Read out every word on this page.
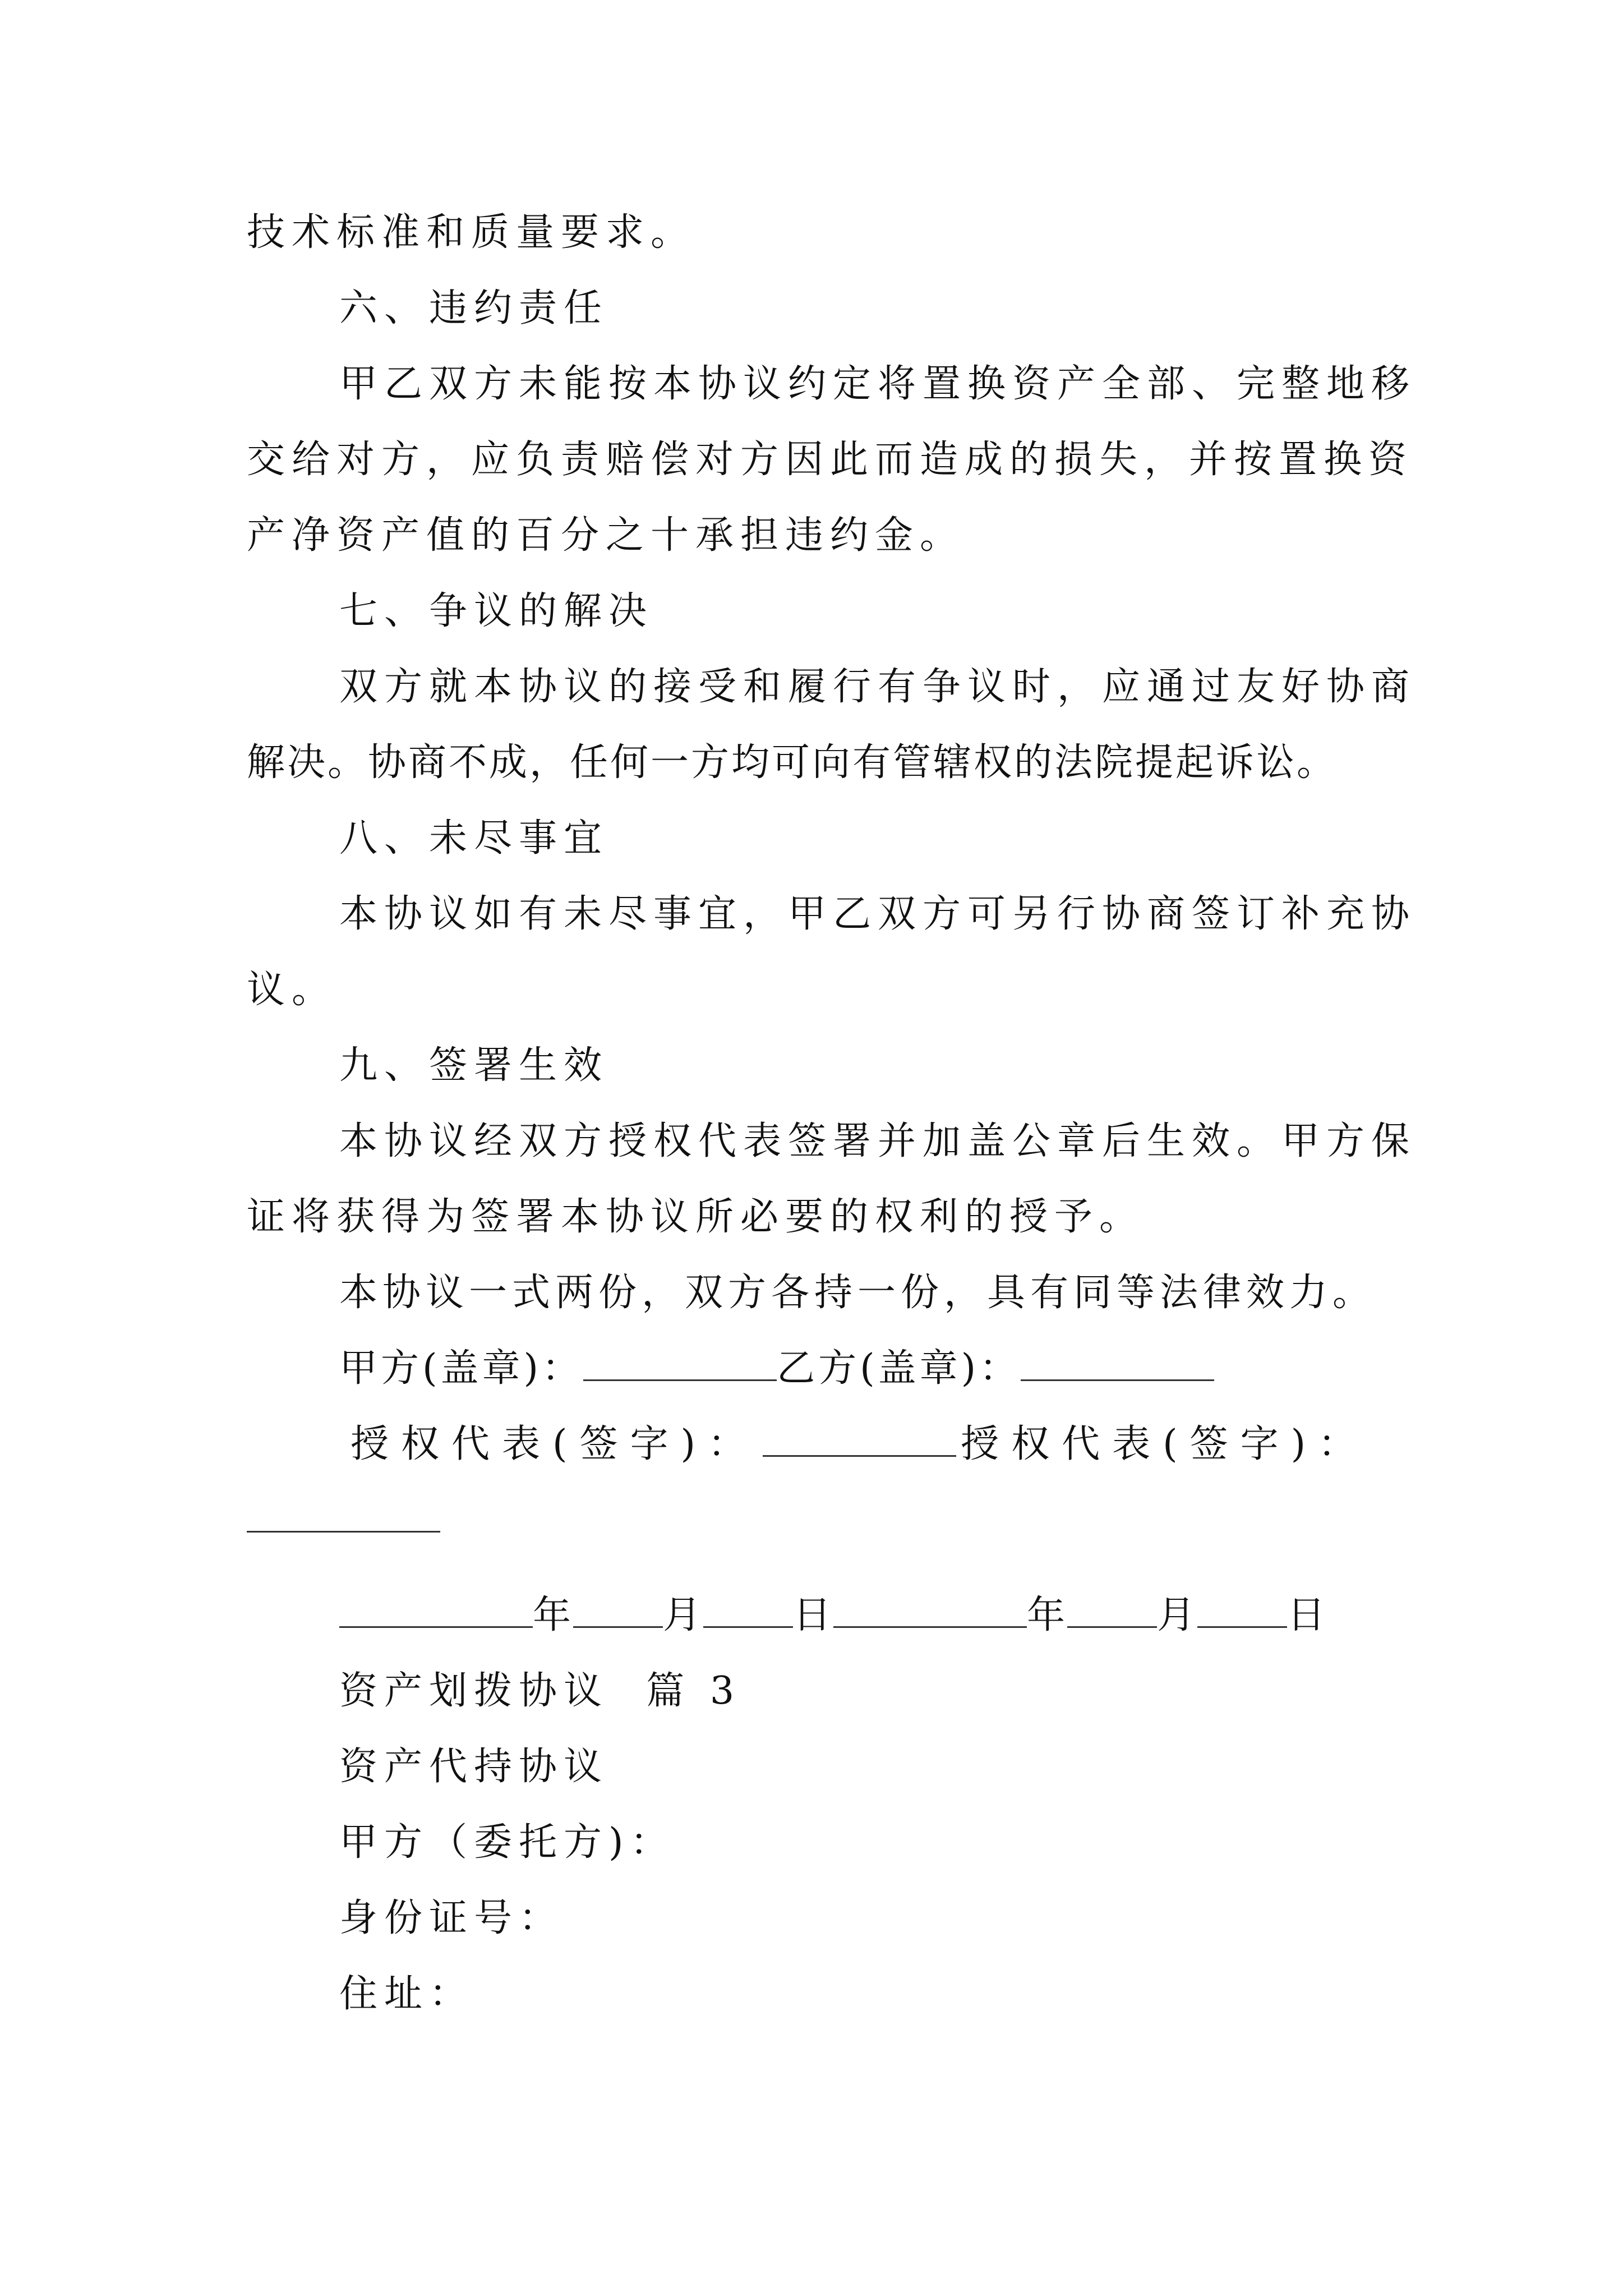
技术标准和质量要求。
六、违约责任
甲乙双方未能按本协议约定将置换资产全部、完整地移
交给对方，应负责赔偿对方因此而造成的损失，并按置换资
产净资产值的百分之十承担违约金。
七、争议的解决
双方就本协议的接受和履行有争议时，应通过友好协商
解决。协商不成，任何一方均可向有管辖权的法院提起诉讼。
八、未尽事宜
本协议如有未尽事宜，甲乙双方可另行协商签订补充协
议。
九、签署生效
本协议经双方授权代表签署并加盖公章后生效。甲方保
证将获得为签署本协议所必要的权利的授予。
本协议一式两份，双方各持一份，具有同等法律效力。
甲方(盖章)：	乙方(盖章)：
授权代表(签字)：	授权代表(签字)：
年 月 日	年 月 日
资产划拨协议  篇 3
资产代持协议
甲方（委托方)：
身份证号：
住址：
